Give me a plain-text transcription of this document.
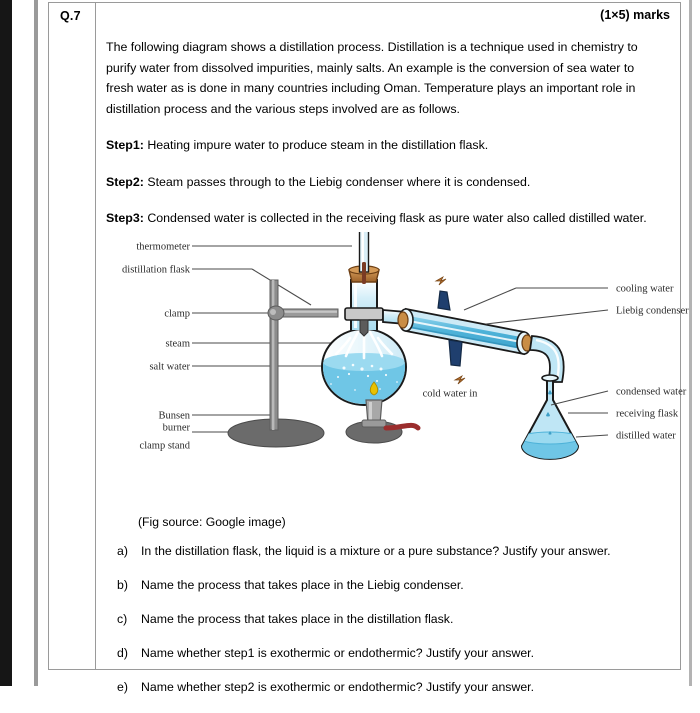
Q.7	(1×5) marks

The following diagram shows a distillation process. Distillation is a technique used in chemistry to purify water from dissolved impurities, mainly salts. An example is the conversion of sea water to fresh water as is done in many countries including Oman. Temperature plays an important role in distillation process and the various steps involved are as follows.

Step1: Heating impure water to produce steam in the distillation flask.

Step2: Steam passes through to the Liebig condenser where it is condensed.

Step3: Condensed water is collected in the receiving flask as pure water also called distilled water.

thermometer
distillation flask
clamp
steam
salt water
Bunsen
burner
clamp stand
cooling water
Liebig condenser
condensed water
receiving flask
distilled water
cold water in
(Fig source: Google image)
a)	In the distillation flask, the liquid is a mixture or a pure substance? Justify your answer.
b)	Name the process that takes place in the Liebig condenser.
c)	Name the process that takes place in the distillation flask.
d)	Name whether step1 is exothermic or endothermic? Justify your answer.
e)	Name whether step2 is exothermic or endothermic? Justify your answer.
